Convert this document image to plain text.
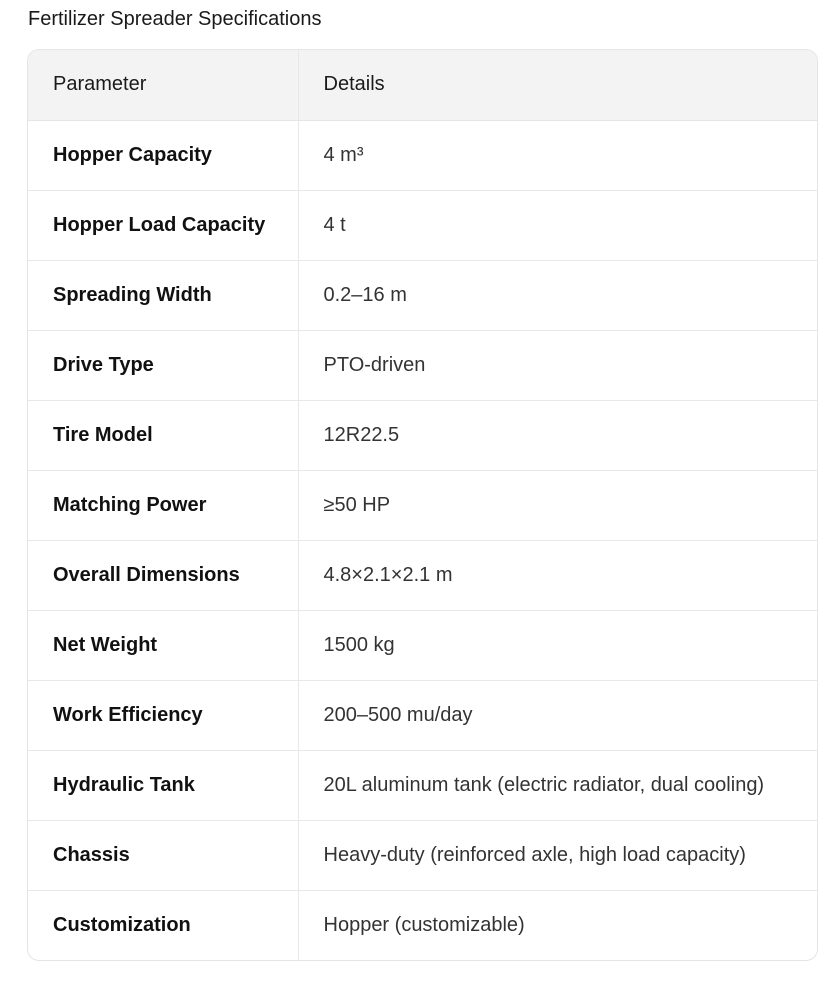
Fertilizer Spreader Specifications
Parameter	Details
Hopper Capacity	4 m³
Hopper Load Capacity	4 t
Spreading Width	0.2–16 m
Drive Type	PTO-driven
Tire Model	12R22.5
Matching Power	≥50 HP
Overall Dimensions	4.8×2.1×2.1 m
Net Weight	1500 kg
Work Efficiency	200–500 mu/day
Hydraulic Tank	20L aluminum tank (electric radiator, dual cooling)
Chassis	Heavy-duty (reinforced axle, high load capacity)
Customization	Hopper (customizable)
